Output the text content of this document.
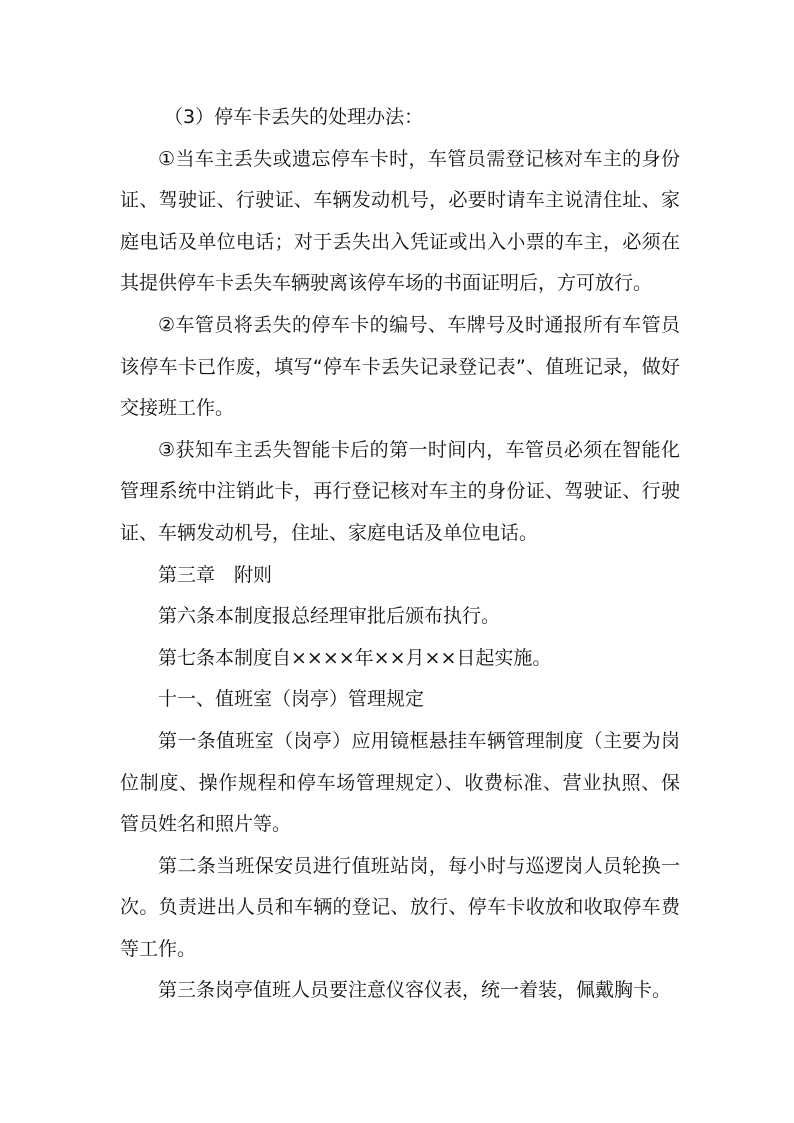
（3）停车卡丢失的处理办法：

①当车主丢失或遗忘停车卡时，车管员需登记核对车主的身份证、驾驶证、行驶证、车辆发动机号，必要时请车主说清住址、家庭电话及单位电话；对于丢失出入凭证或出入小票的车主，必须在其提供停车卡丢失车辆驶离该停车场的书面证明后，方可放行。

②车管员将丢失的停车卡的编号、车牌号及时通报所有车管员该停车卡已作废，填写“停车卡丢失记录登记表”、值班记录，做好交接班工作。

③获知车主丢失智能卡后的第一时间内，车管员必须在智能化管理系统中注销此卡，再行登记核对车主的身份证、驾驶证、行驶证、车辆发动机号，住址、家庭电话及单位电话。

第三章　附则

第六条本制度报总经理审批后颁布执行。

第七条本制度自××××年××月××日起实施。

十一、值班室（岗亭）管理规定

第一条值班室（岗亭）应用镜框悬挂车辆管理制度（主要为岗位制度、操作规程和停车场管理规定）、收费标准、营业执照、保管员姓名和照片等。

第二条当班保安员进行值班站岗，每小时与巡逻岗人员轮换一次。负责进出人员和车辆的登记、放行、停车卡收放和收取停车费等工作。

第三条岗亭值班人员要注意仪容仪表，统一着装，佩戴胸卡。
